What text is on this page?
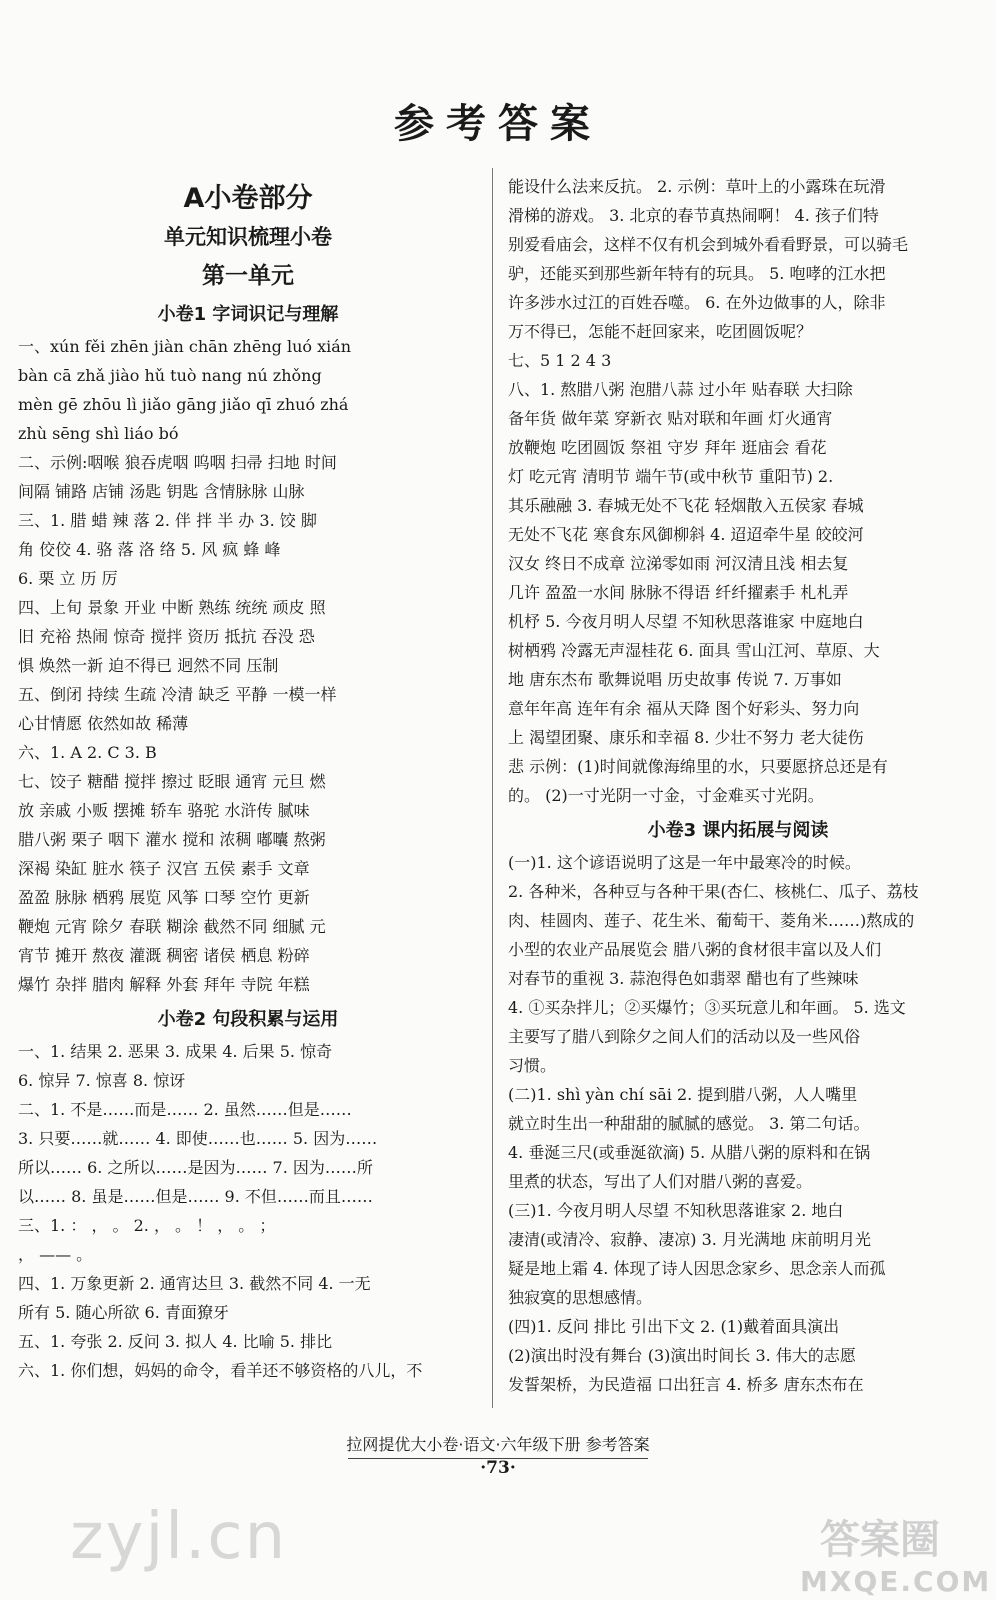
参考答案
A小卷部分
单元知识梳理小卷
第一单元
小卷1 字词识记与理解
一、xún fěi zhēn jiàn chān zhēng luó xián
bàn cā zhǎ jiào hǔ tuò nang nú zhǒng
mèn gē zhōu lì jiǎo gāng jiǎo qī zhuó zhá
zhù sēng shì liáo bó
二、示例:咽喉 狼吞虎咽 呜咽 扫帚 扫地 时间
间隔 铺路 店铺 汤匙 钥匙 含情脉脉 山脉
三、1. 腊 蜡 辣 落 2. 伴 拌 半 办 3. 饺 脚
角 佼佼 4. 骆 落 洛 络 5. 风 疯 蜂 峰
6. 栗 立 历 厉
四、上旬 景象 开业 中断 熟练 统统 顽皮 照
旧 充裕 热闹 惊奇 搅拌 资历 抵抗 吞没 恐
惧 焕然一新 迫不得已 迥然不同 压制
五、倒闭 持续 生疏 冷清 缺乏 平静 一模一样
心甘情愿 依然如故 稀薄
六、1. A 2. C 3. B
七、饺子 糖醋 搅拌 擦过 眨眼 通宵 元旦 燃
放 亲戚 小贩 摆摊 轿车 骆驼 水浒传 腻味
腊八粥 栗子 咽下 灌水 搅和 浓稠 嘟囔 熬粥
深褐 染缸 脏水 筷子 汉宫 五侯 素手 文章
盈盈 脉脉 栖鸦 展览 风筝 口琴 空竹 更新
鞭炮 元宵 除夕 春联 糊涂 截然不同 细腻 元
宵节 摊开 熬夜 灌溉 稠密 诸侯 栖息 粉碎
爆竹 杂拌 腊肉 解释 外套 拜年 寺院 年糕
小卷2 句段积累与运用
一、1. 结果 2. 恶果 3. 成果 4. 后果 5. 惊奇
6. 惊异 7. 惊喜 8. 惊讶
二、1. 不是……而是…… 2. 虽然……但是……
3. 只要……就…… 4. 即使……也…… 5. 因为……
所以…… 6. 之所以……是因为…… 7. 因为……所
以…… 8. 虽是……但是…… 9. 不但……而且……
三、1. ： ， 。 2. ， 。 ！ ， 。 ；
， —— 。
四、1. 万象更新 2. 通宵达旦 3. 截然不同 4. 一无
所有 5. 随心所欲 6. 青面獠牙
五、1. 夸张 2. 反问 3. 拟人 4. 比喻 5. 排比
六、1. 你们想，妈妈的命令，看羊还不够资格的八儿，不
能设什么法来反抗。 2. 示例：草叶上的小露珠在玩滑
滑梯的游戏。 3. 北京的春节真热闹啊！ 4. 孩子们特
别爱看庙会，这样不仅有机会到城外看看野景，可以骑毛
驴，还能买到那些新年特有的玩具。 5. 咆哮的江水把
许多涉水过江的百姓吞噬。 6. 在外边做事的人，除非
万不得已，怎能不赶回家来，吃团圆饭呢？
七、5 1 2 4 3
八、1. 熬腊八粥 泡腊八蒜 过小年 贴春联 大扫除
备年货 做年菜 穿新衣 贴对联和年画 灯火通宵
放鞭炮 吃团圆饭 祭祖 守岁 拜年 逛庙会 看花
灯 吃元宵 清明节 端午节(或中秋节 重阳节) 2.
其乐融融 3. 春城无处不飞花 轻烟散入五侯家 春城
无处不飞花 寒食东风御柳斜 4. 迢迢牵牛星 皎皎河
汉女 终日不成章 泣涕零如雨 河汉清且浅 相去复
几许 盈盈一水间 脉脉不得语 纤纤擢素手 札札弄
机杼 5. 今夜月明人尽望 不知秋思落谁家 中庭地白
树栖鸦 冷露无声湿桂花 6. 面具 雪山江河、草原、大
地 唐东杰布 歌舞说唱 历史故事 传说 7. 万事如
意年年高 连年有余 福从天降 图个好彩头、努力向
上 渴望团聚、康乐和幸福 8. 少壮不努力 老大徒伤
悲 示例：(1)时间就像海绵里的水，只要愿挤总还是有
的。 (2)一寸光阴一寸金，寸金难买寸光阴。
小卷3 课内拓展与阅读
(一)1. 这个谚语说明了这是一年中最寒冷的时候。
2. 各种米，各种豆与各种干果(杏仁、核桃仁、瓜子、荔枝
肉、桂圆肉、莲子、花生米、葡萄干、菱角米……)熬成的
小型的农业产品展览会 腊八粥的食材很丰富以及人们
对春节的重视 3. 蒜泡得色如翡翠 醋也有了些辣味
4. ①买杂拌儿；②买爆竹；③买玩意儿和年画。 5. 选文
主要写了腊八到除夕之间人们的活动以及一些风俗
习惯。
(二)1. shì yàn chí sāi 2. 提到腊八粥，人人嘴里
就立时生出一种甜甜的腻腻的感觉。 3. 第二句话。
4. 垂涎三尺(或垂涎欲滴) 5. 从腊八粥的原料和在锅
里煮的状态，写出了人们对腊八粥的喜爱。
(三)1. 今夜月明人尽望 不知秋思落谁家 2. 地白
凄清(或清冷、寂静、凄凉) 3. 月光满地 床前明月光
疑是地上霜 4. 体现了诗人因思念家乡、思念亲人而孤
独寂寞的思想感情。
(四)1. 反问 排比 引出下文 2. (1)戴着面具演出
(2)演出时没有舞台 (3)演出时间长 3. 伟大的志愿
发誓架桥，为民造福 口出狂言 4. 桥多 唐东杰布在
拉网提优大小卷·语文·六年级下册 参考答案
·73·
zyjl.cn	答案圈
MXQE.COM
